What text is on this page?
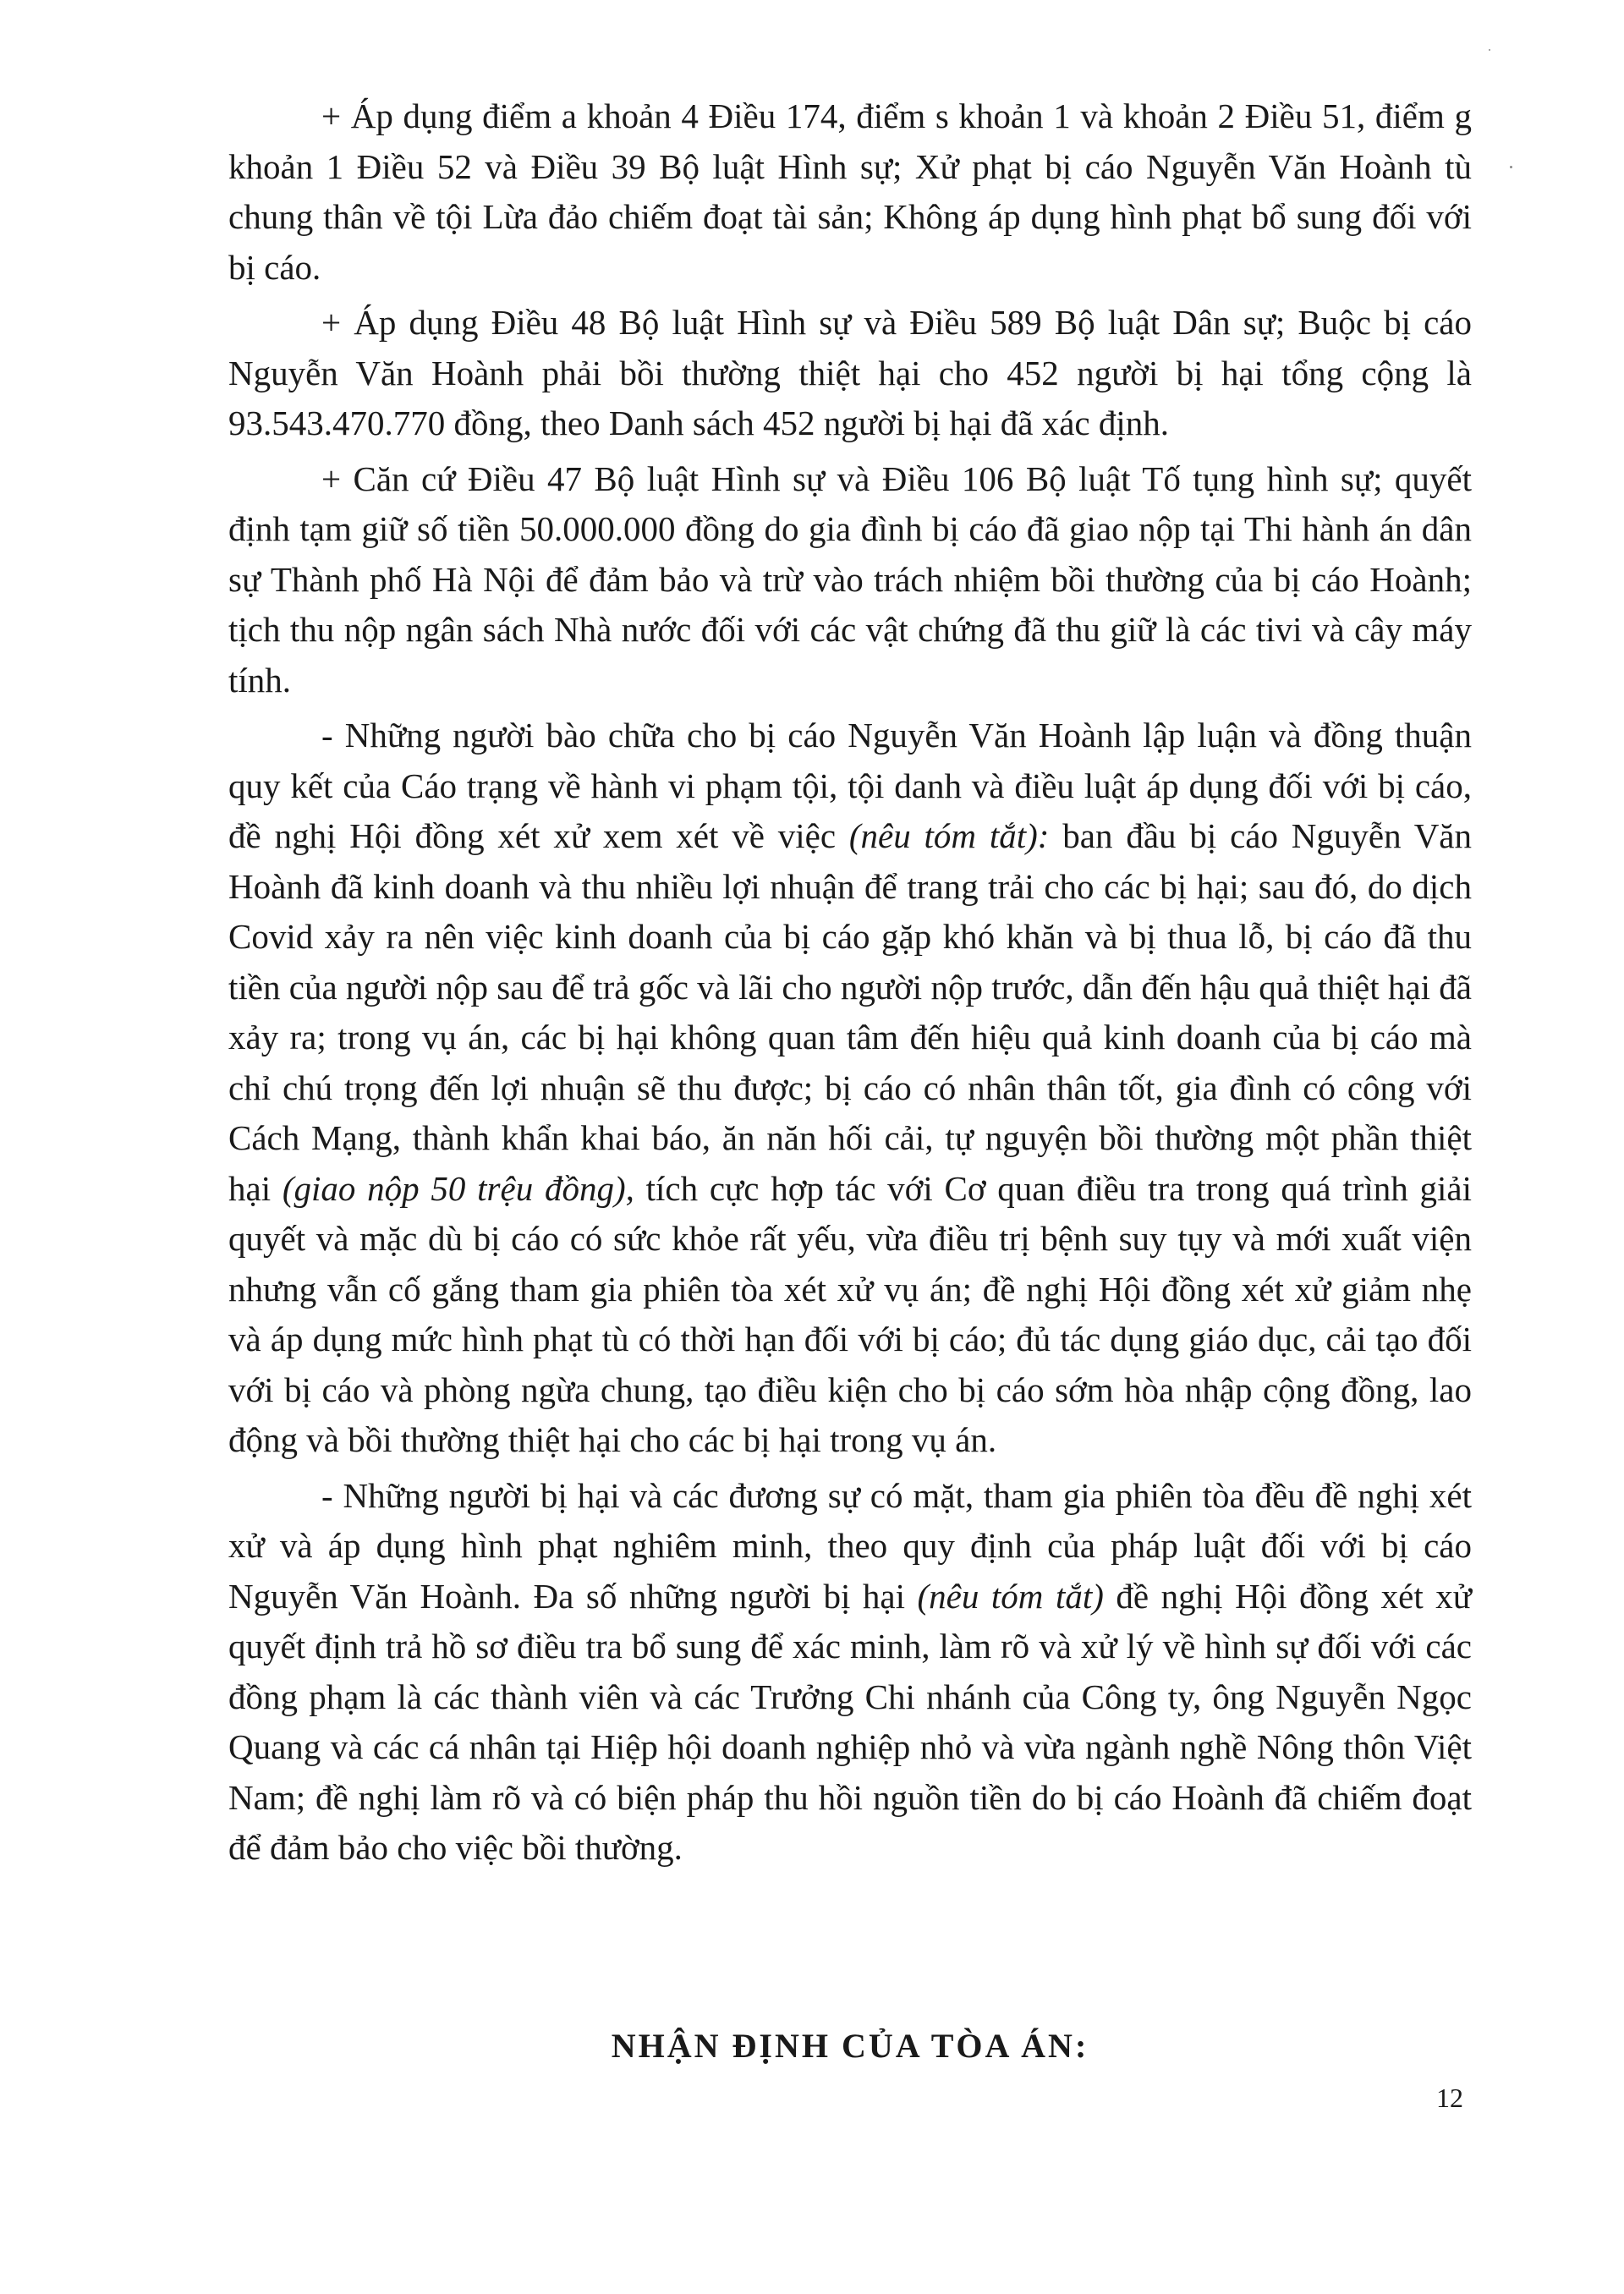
+ Áp dụng điểm a khoản 4 Điều 174, điểm s khoản 1 và khoản 2 Điều 51, điểm g khoản 1 Điều 52 và Điều 39 Bộ luật Hình sự; Xử phạt bị cáo Nguyễn Văn Hoành tù chung thân về tội Lừa đảo chiếm đoạt tài sản; Không áp dụng hình phạt bổ sung đối với bị cáo.

+ Áp dụng Điều 48 Bộ luật Hình sự và Điều 589 Bộ luật Dân sự; Buộc bị cáo Nguyễn Văn Hoành phải bồi thường thiệt hại cho 452 người bị hại tổng cộng là 93.543.470.770 đồng, theo Danh sách 452 người bị hại đã xác định.

+ Căn cứ Điều 47 Bộ luật Hình sự và Điều 106 Bộ luật Tố tụng hình sự; quyết định tạm giữ số tiền 50.000.000 đồng do gia đình bị cáo đã giao nộp tại Thi hành án dân sự Thành phố Hà Nội để đảm bảo và trừ vào trách nhiệm bồi thường của bị cáo Hoành; tịch thu nộp ngân sách Nhà nước đối với các vật chứng đã thu giữ là các tivi và cây máy tính.

- Những người bào chữa cho bị cáo Nguyễn Văn Hoành lập luận và đồng thuận quy kết của Cáo trạng về hành vi phạm tội, tội danh và điều luật áp dụng đối với bị cáo, đề nghị Hội đồng xét xử xem xét về việc (nêu tóm tắt): ban đầu bị cáo Nguyễn Văn Hoành đã kinh doanh và thu nhiều lợi nhuận để trang trải cho các bị hại; sau đó, do dịch Covid xảy ra nên việc kinh doanh của bị cáo gặp khó khăn và bị thua lỗ, bị cáo đã thu tiền của người nộp sau để trả gốc và lãi cho người nộp trước, dẫn đến hậu quả thiệt hại đã xảy ra; trong vụ án, các bị hại không quan tâm đến hiệu quả kinh doanh của bị cáo mà chỉ chú trọng đến lợi nhuận sẽ thu được; bị cáo có nhân thân tốt, gia đình có công với Cách Mạng, thành khẩn khai báo, ăn năn hối cải, tự nguyện bồi thường một phần thiệt hại (giao nộp 50 trệu đồng), tích cực hợp tác với Cơ quan điều tra trong quá trình giải quyết và mặc dù bị cáo có sức khỏe rất yếu, vừa điều trị bệnh suy tụy và mới xuất viện nhưng vẫn cố gắng tham gia phiên tòa xét xử vụ án; đề nghị Hội đồng xét xử giảm nhẹ và áp dụng mức hình phạt tù có thời hạn đối với bị cáo; đủ tác dụng giáo dục, cải tạo đối với bị cáo và phòng ngừa chung, tạo điều kiện cho bị cáo sớm hòa nhập cộng đồng, lao động và bồi thường thiệt hại cho các bị hại trong vụ án.

- Những người bị hại và các đương sự có mặt, tham gia phiên tòa đều đề nghị xét xử và áp dụng hình phạt nghiêm minh, theo quy định của pháp luật đối với bị cáo Nguyễn Văn Hoành. Đa số những người bị hại (nêu tóm tắt) đề nghị Hội đồng xét xử quyết định trả hồ sơ điều tra bổ sung để xác minh, làm rõ và xử lý về hình sự đối với các đồng phạm là các thành viên và các Trưởng Chi nhánh của Công ty, ông Nguyễn Ngọc Quang và các cá nhân tại Hiệp hội doanh nghiệp nhỏ và vừa ngành nghề Nông thôn Việt Nam; đề nghị làm rõ và có biện pháp thu hồi nguồn tiền do bị cáo Hoành đã chiếm đoạt để đảm bảo cho việc bồi thường.

NHẬN ĐỊNH CỦA TÒA ÁN:
12
